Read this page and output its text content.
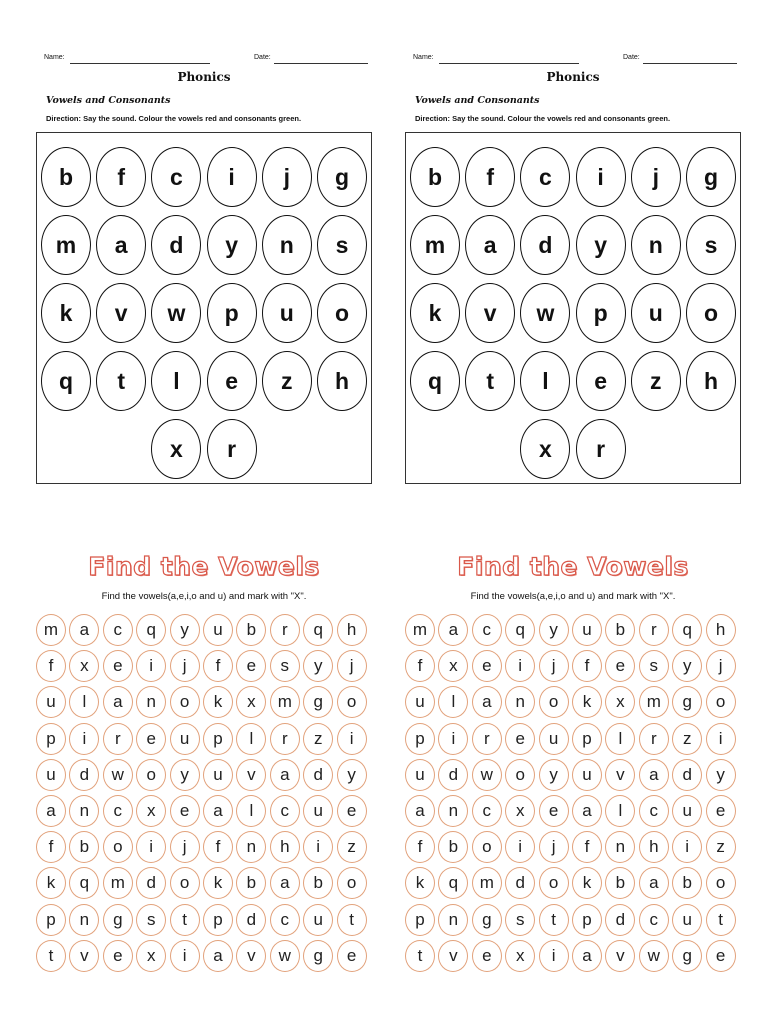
Name:	Date:
Phonics
Vowels and Consonants
Direction: Say the sound. Colour the vowels red and consonants green.
b	f	c	i	j	g
m	a	d	y	n	s
k	v	w	p	u	o
q	t	l	e	z	h
x	r
Name:	Date:
Phonics
Vowels and Consonants
Direction: Say the sound. Colour the vowels red and consonants green.
b	f	c	i	j	g
m	a	d	y	n	s
k	v	w	p	u	o
q	t	l	e	z	h
x	r
Find the Vowels
Find the vowels(a,e,i,o and u) and mark with "X".
m	a	c	q	y	u	b	r	q	h
f	x	e	i	j	f	e	s	y	j
u	l	a	n	o	k	x	m	g	o
p	i	r	e	u	p	l	r	z	i
u	d	w	o	y	u	v	a	d	y
a	n	c	x	e	a	l	c	u	e
f	b	o	i	j	f	n	h	i	z
k	q	m	d	o	k	b	a	b	o
p	n	g	s	t	p	d	c	u	t
t	v	e	x	i	a	v	w	g	e
Find the Vowels
Find the vowels(a,e,i,o and u) and mark with "X".
m	a	c	q	y	u	b	r	q	h
f	x	e	i	j	f	e	s	y	j
u	l	a	n	o	k	x	m	g	o
p	i	r	e	u	p	l	r	z	i
u	d	w	o	y	u	v	a	d	y
a	n	c	x	e	a	l	c	u	e
f	b	o	i	j	f	n	h	i	z
k	q	m	d	o	k	b	a	b	o
p	n	g	s	t	p	d	c	u	t
t	v	e	x	i	a	v	w	g	e
